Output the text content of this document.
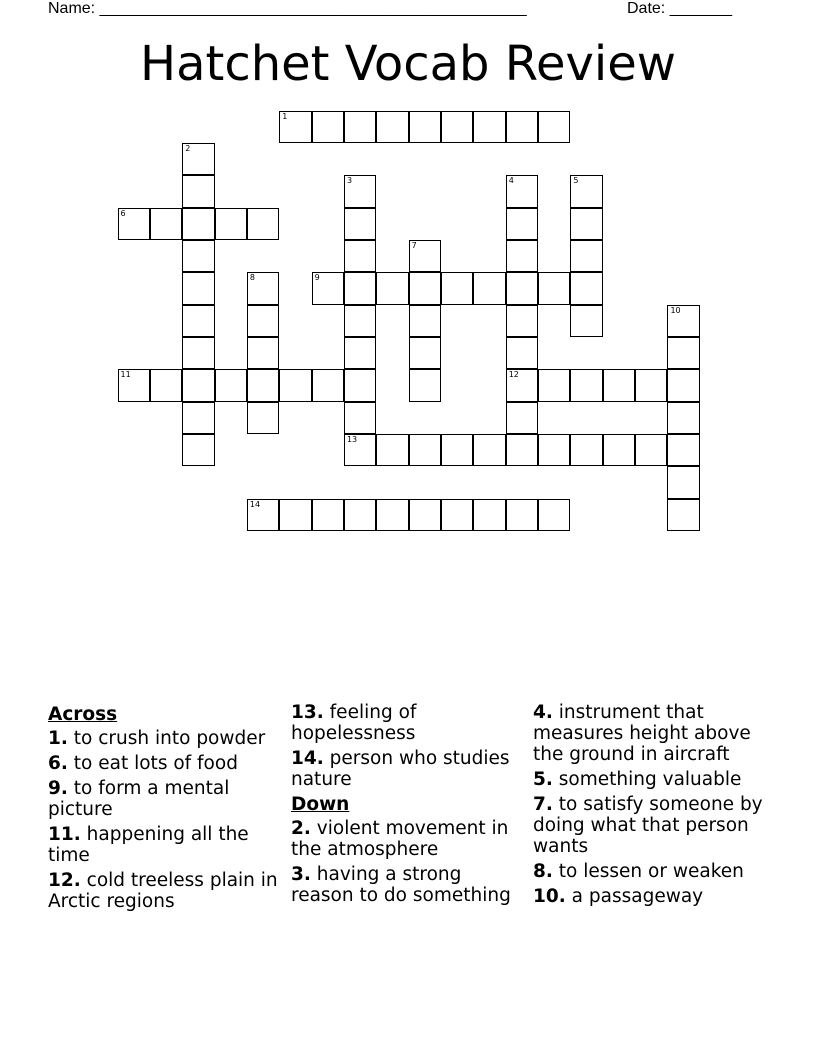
Name: ________________________________________________	Date: _______
Hatchet Vocab Review
1
2
3	4
12
5
6
7
8	9
10
11
13
14
Across
1. to crush into powder
6. to eat lots of food
9. to form a mental picture
11. happening all the time
12. cold treeless plain in Arctic regions
13. feeling of hopelessness
14. person who studies nature
Down
2. violent movement in the atmosphere
3. having a strong reason to do something
4. instrument that measures height above the ground in aircraft
5. something valuable
7. to satisfy someone by doing what that person wants
8. to lessen or weaken
10. a passageway
